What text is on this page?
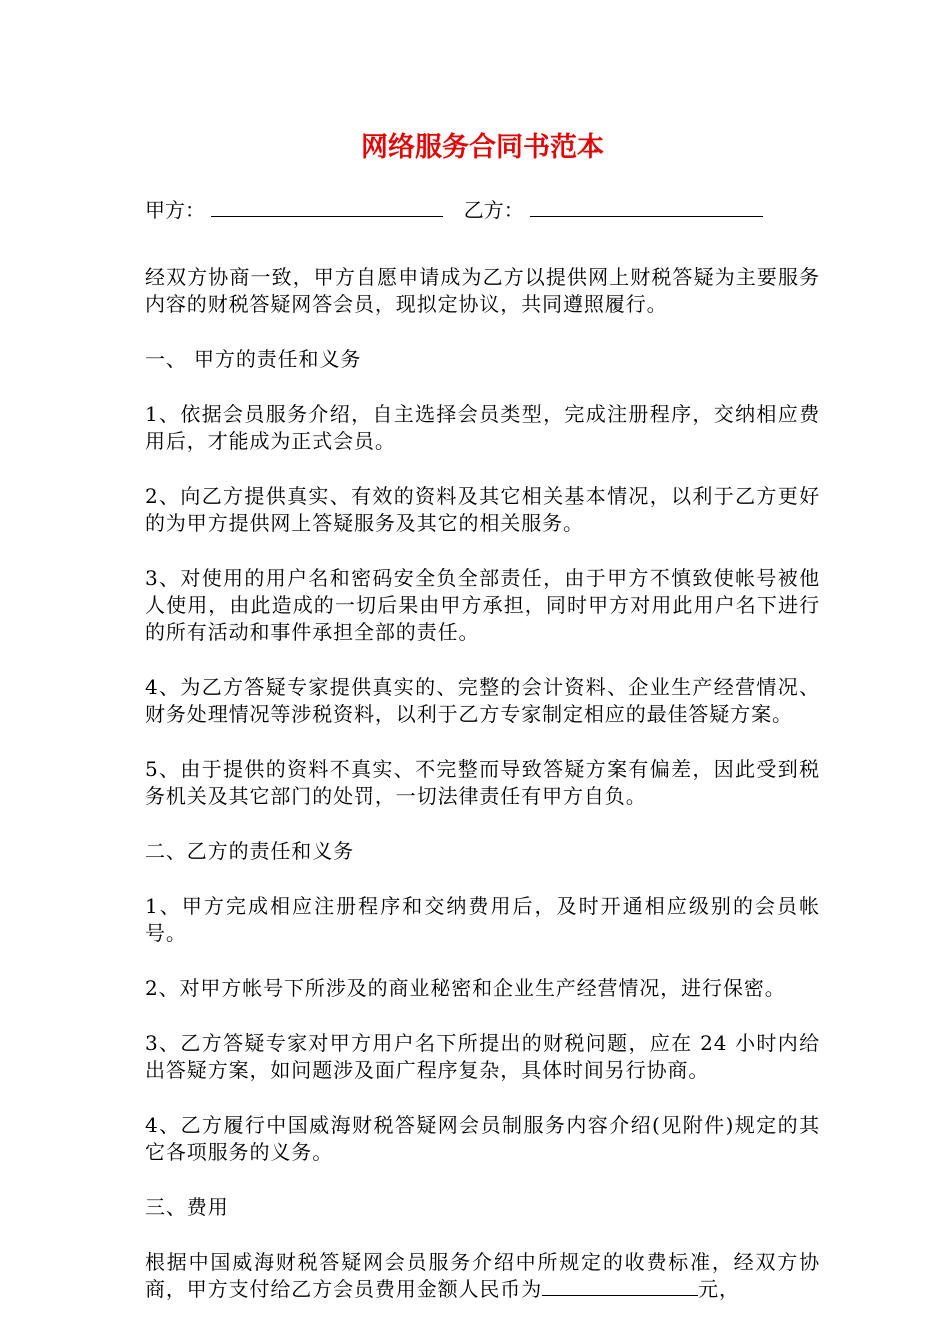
网络服务合同书范本
甲方：	乙方：

经双方协商一致，甲方自愿申请成为乙方以提供网上财税答疑为主要服务内容的财税答疑网答会员，现拟定协议，共同遵照履行。

一、 甲方的责任和义务

1、依据会员服务介绍，自主选择会员类型，完成注册程序，交纳相应费用后，才能成为正式会员。

2、向乙方提供真实、有效的资料及其它相关基本情况，以利于乙方更好的为甲方提供网上答疑服务及其它的相关服务。

3、对使用的用户名和密码安全负全部责任，由于甲方不慎致使帐号被他人使用，由此造成的一切后果由甲方承担，同时甲方对用此用户名下进行的所有活动和事件承担全部的责任。

4、为乙方答疑专家提供真实的、完整的会计资料、企业生产经营情况、财务处理情况等涉税资料，以利于乙方专家制定相应的最佳答疑方案。

5、由于提供的资料不真实、不完整而导致答疑方案有偏差，因此受到税务机关及其它部门的处罚，一切法律责任有甲方自负。

二、乙方的责任和义务

1、甲方完成相应注册程序和交纳费用后，及时开通相应级别的会员帐号。

2、对甲方帐号下所涉及的商业秘密和企业生产经营情况，进行保密。

3、乙方答疑专家对甲方用户名下所提出的财税问题，应在 24 小时内给出答疑方案，如问题涉及面广程序复杂，具体时间另行协商。

4、乙方履行中国威海财税答疑网会员制服务内容介绍(见附件)规定的其它各项服务的义务。

三、费用

根据中国威海财税答疑网会员服务介绍中所规定的收费标准，经双方协商，甲方支付给乙方会员费用金额人民币为	元，
